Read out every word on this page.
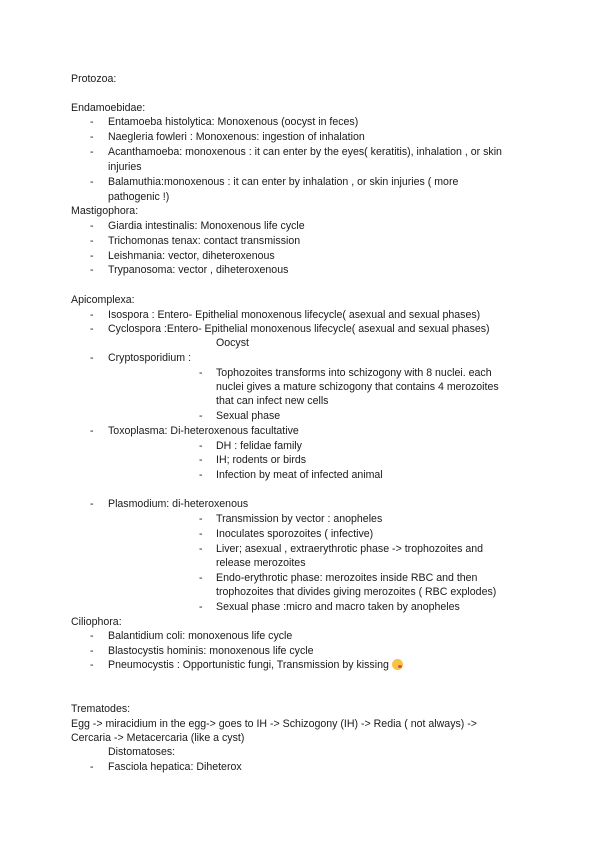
Protozoa:
Endamoebidae:
- Entamoeba histolytica: Monoxenous (oocyst in feces)
- Naegleria fowleri : Monoxenous: ingestion of inhalation
- Acanthamoeba: monoxenous : it can enter by the eyes( keratitis), inhalation , or skin
injuries
- Balamuthia:monoxenous : it can enter by inhalation , or skin injuries ( more
pathogenic !)
Mastigophora:
- Giardia intestinalis: Monoxenous life cycle
- Trichomonas tenax: contact transmission
- Leishmania: vector, diheteroxenous
- Trypanosoma: vector , diheteroxenous
Apicomplexa:
- Isospora : Entero- Epithelial monoxenous lifecycle( asexual and sexual phases)
- Cyclospora :Entero- Epithelial monoxenous lifecycle( asexual and sexual phases)
Oocyst
- Cryptosporidium :
- Tophozoites transforms into schizogony with 8 nuclei. each
nuclei gives a mature schizogony that contains 4 merozoites
that can infect new cells
- Sexual phase
- Toxoplasma: Di-heteroxenous facultative
- DH : felidae family
- IH; rodents or birds
- Infection by meat of infected animal
- Plasmodium: di-heteroxenous
- Transmission by vector : anopheles
- Inoculates sporozoites ( infective)
- Liver; asexual , extraerythrotic phase -> trophozoites and
release merozoites
- Endo-erythrotic phase: merozoites inside RBC and then
trophozoites that divides giving merozoites ( RBC explodes)
- Sexual phase :micro and macro taken by anopheles
Ciliophora:
- Balantidium coli: monoxenous life cycle
- Blastocystis hominis: monoxenous life cycle
- Pneumocystis : Opportunistic fungi, Transmission by kissing
Trematodes:
Egg -> miracidium in the egg-> goes to IH -> Schizogony (IH) -> Redia ( not always) ->
Cercaria -> Metacercaria (like a cyst)
Distomatoses:
- Fasciola hepatica: Diheterox
